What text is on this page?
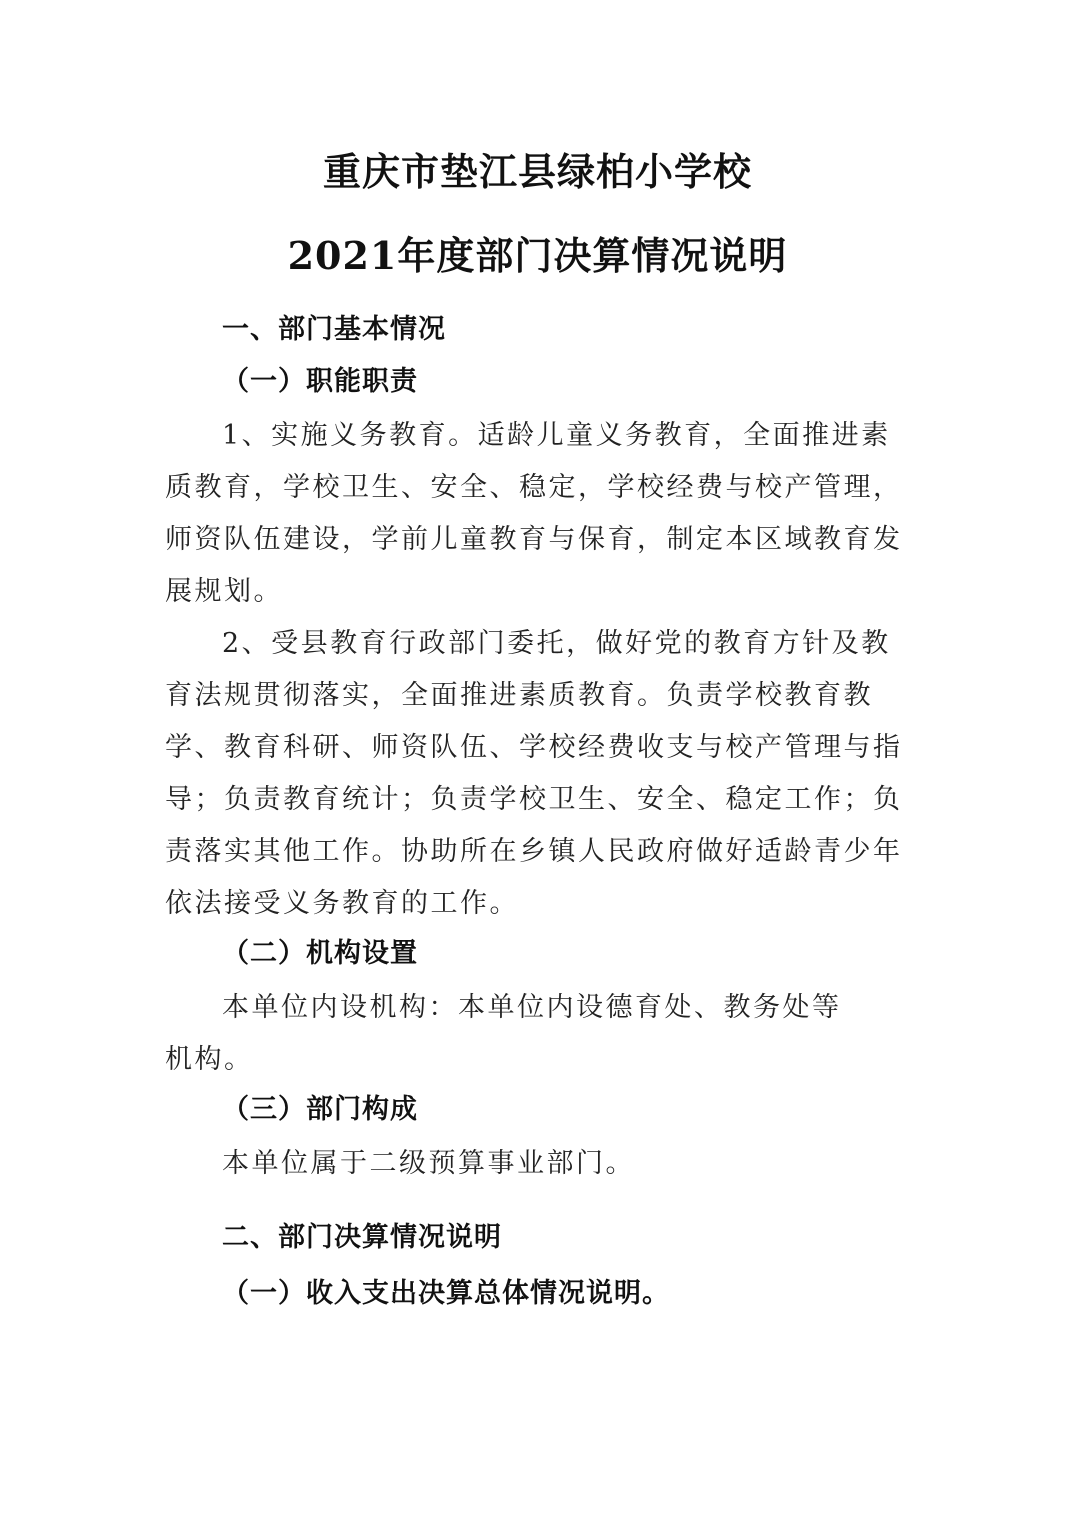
重庆市垫江县绿柏小学校
2021年度部门决算情况说明
一、部门基本情况
（一）职能职责
1、实施义务教育。适龄儿童义务教育，全面推进素质教育，学校卫生、安全、稳定，学校经费与校产管理，师资队伍建设，学前儿童教育与保育，制定本区域教育发展规划。
2、受县教育行政部门委托，做好党的教育方针及教育法规贯彻落实，全面推进素质教育。负责学校教育教学、教育科研、师资队伍、学校经费收支与校产管理与指导；负责教育统计；负责学校卫生、安全、稳定工作；负责落实其他工作。协助所在乡镇人民政府做好适龄青少年依法接受义务教育的工作。
（二）机构设置
本单位内设机构：本单位内设德育处、教务处等机构。
（三）部门构成
本单位属于二级预算事业部门。
二、部门决算情况说明
（一）收入支出决算总体情况说明。
